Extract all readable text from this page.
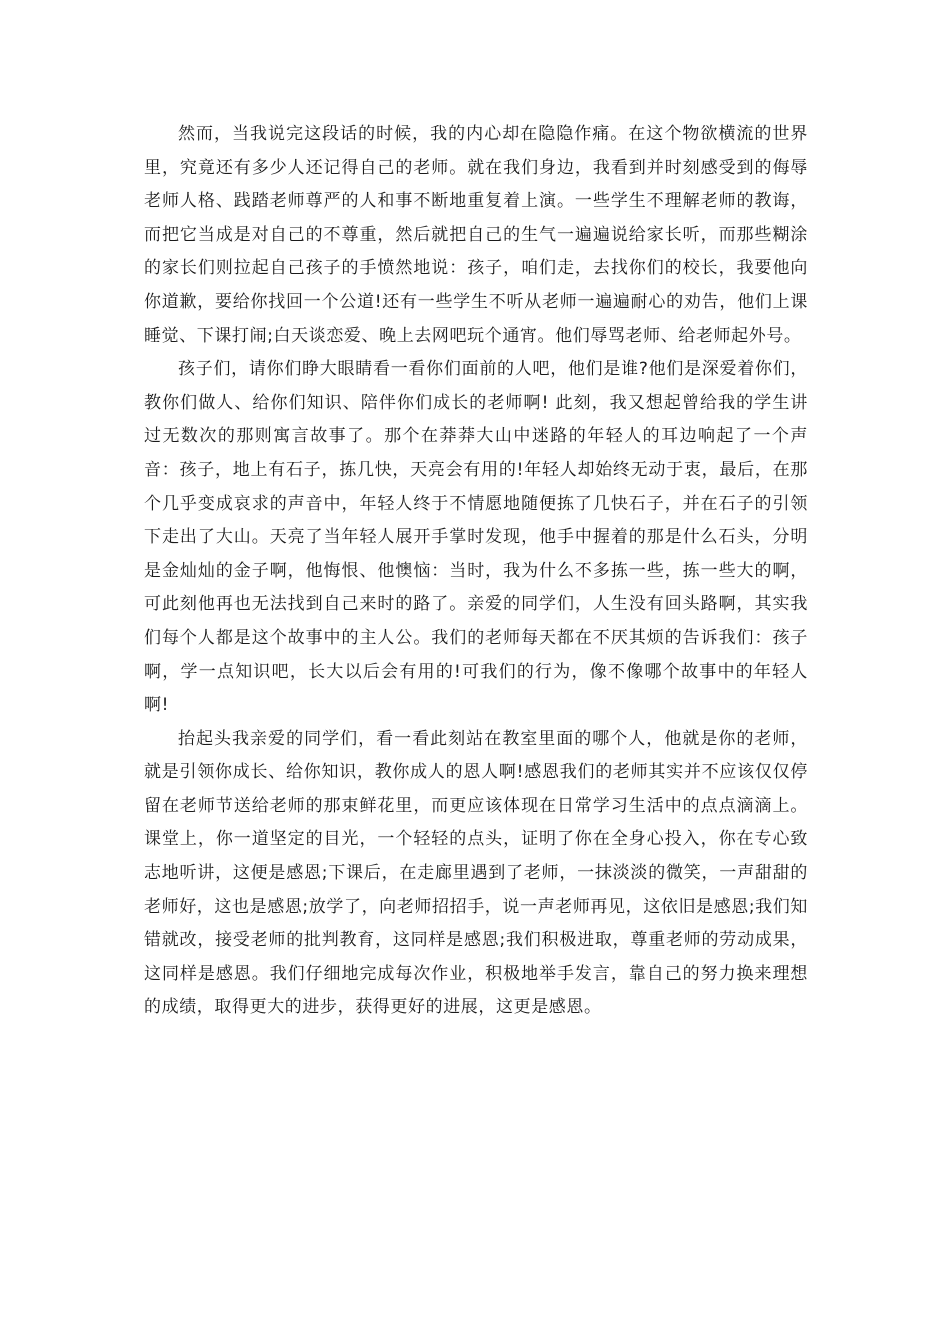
然而，当我说完这段话的时候，我的内心却在隐隐作痛。在这个物欲横流的世界里，究竟还有多少人还记得自己的老师。就在我们身边，我看到并时刻感受到的侮辱老师人格、践踏老师尊严的人和事不断地重复着上演。一些学生不理解老师的教诲，而把它当成是对自己的不尊重，然后就把自己的生气一遍遍说给家长听，而那些糊涂的家长们则拉起自己孩子的手愤然地说：孩子，咱们走，去找你们的校长，我要他向你道歉，要给你找回一个公道!还有一些学生不听从老师一遍遍耐心的劝告，他们上课睡觉、下课打闹;白天谈恋爱、晚上去网吧玩个通宵。他们辱骂老师、给老师起外号。

孩子们，请你们睁大眼睛看一看你们面前的人吧，他们是谁?他们是深爱着你们，教你们做人、给你们知识、陪伴你们成长的老师啊! 此刻，我又想起曾给我的学生讲过无数次的那则寓言故事了。那个在莽莽大山中迷路的年轻人的耳边响起了一个声音：孩子，地上有石子，拣几快，天亮会有用的!年轻人却始终无动于衷，最后，在那个几乎变成哀求的声音中，年轻人终于不情愿地随便拣了几快石子，并在石子的引领下走出了大山。天亮了当年轻人展开手掌时发现，他手中握着的那是什么石头，分明是金灿灿的金子啊，他悔恨、他懊恼：当时，我为什么不多拣一些，拣一些大的啊，可此刻他再也无法找到自己来时的路了。亲爱的同学们，人生没有回头路啊，其实我们每个人都是这个故事中的主人公。我们的老师每天都在不厌其烦的告诉我们：孩子啊，学一点知识吧，长大以后会有用的!可我们的行为，像不像哪个故事中的年轻人啊!

抬起头我亲爱的同学们，看一看此刻站在教室里面的哪个人，他就是你的老师，就是引领你成长、给你知识，教你成人的恩人啊!感恩我们的老师其实并不应该仅仅停留在老师节送给老师的那束鲜花里，而更应该体现在日常学习生活中的点点滴滴上。课堂上，你一道坚定的目光，一个轻轻的点头，证明了你在全身心投入，你在专心致志地听讲，这便是感恩;下课后，在走廊里遇到了老师，一抹淡淡的微笑，一声甜甜的老师好，这也是感恩;放学了，向老师招招手，说一声老师再见，这依旧是感恩;我们知错就改，接受老师的批判教育，这同样是感恩;我们积极进取，尊重老师的劳动成果，这同样是感恩。我们仔细地完成每次作业，积极地举手发言，靠自己的努力换来理想的成绩，取得更大的进步，获得更好的进展，这更是感恩。
